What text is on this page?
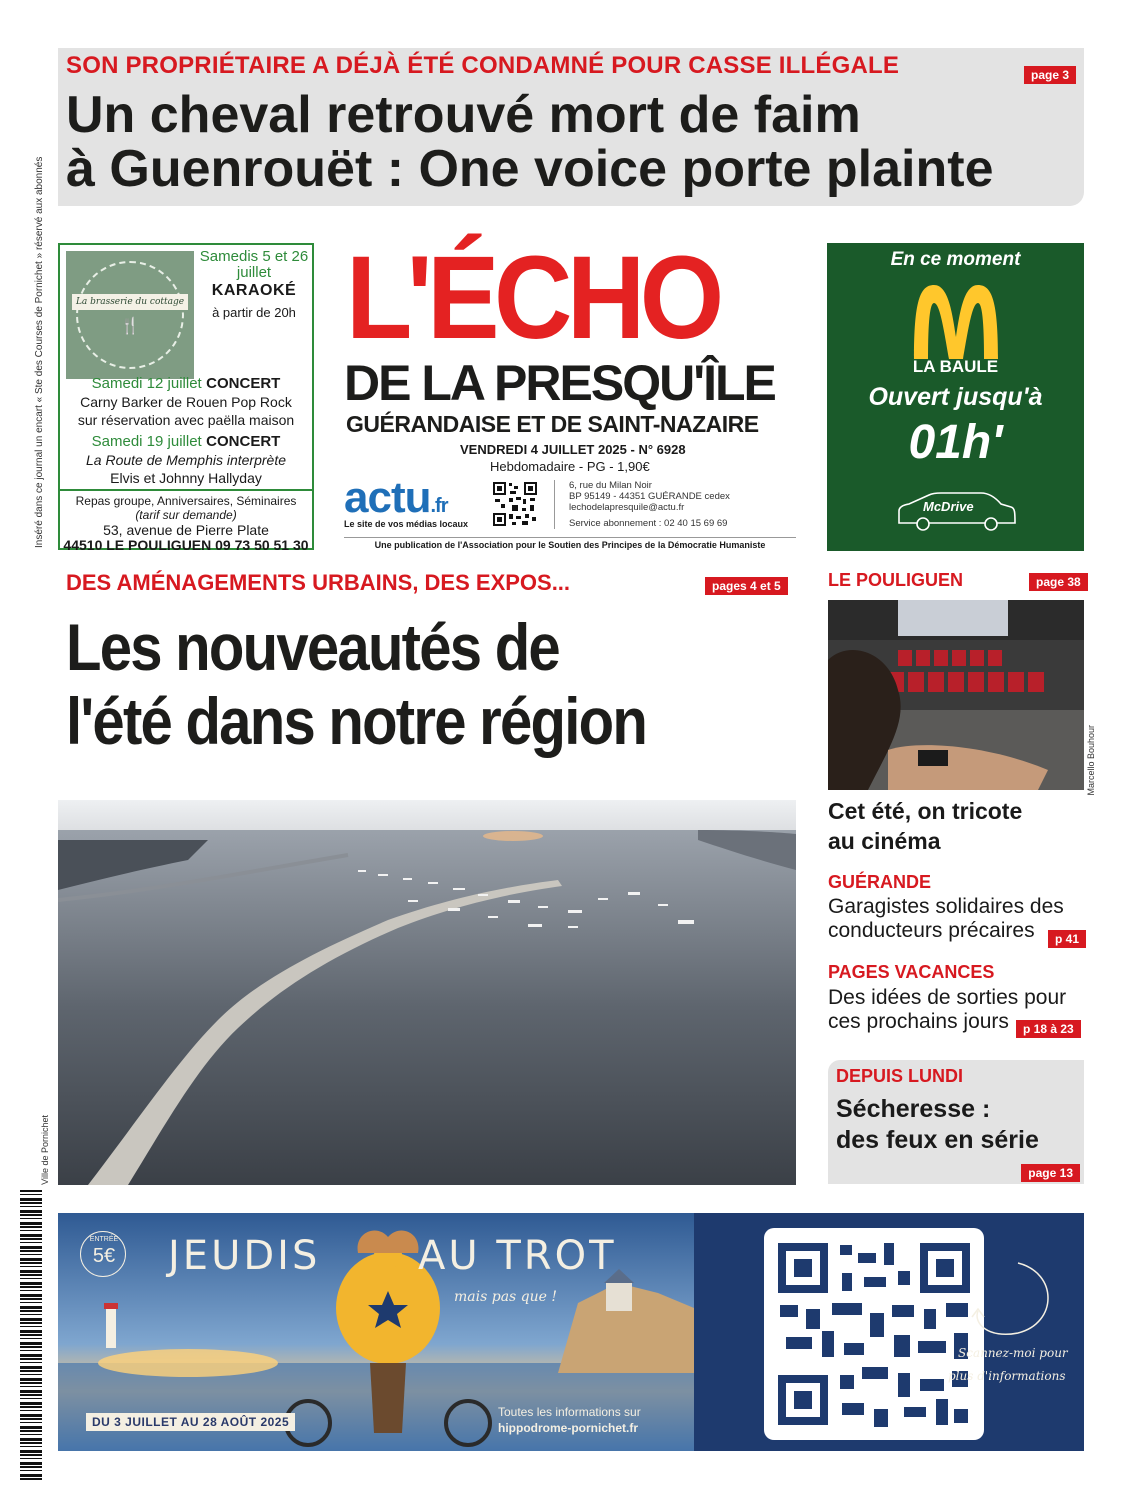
Inséré dans ce journal un encart « Ste des Courses de Pornichet » réservé aux abonnés
SON PROPRIÉTAIRE A DÉJÀ ÉTÉ CONDAMNÉ POUR CASSE ILLÉGALE	page 3
Un cheval retrouvé mort de faim
à Guenrouët : One voice porte plainte
La brasserie du cottage
🍴
Samedis 5 et 26 juillet
KARAOKÉ
à partir de 20h
Samedi 12 juillet CONCERT
Carny Barker de Rouen Pop Rock
sur réservation avec paëlla maison
Samedi 19 juillet CONCERT
La Route de Memphis interprète
Elvis et Johnny Hallyday
Repas groupe, Anniversaires, Séminaires
(tarif sur demande)
53, avenue de Pierre Plate
44510 LE POULIGUEN 09 73 50 51 30
L'ÉCHO
DE LA PRESQU'ÎLE
GUÉRANDAISE ET DE SAINT-NAZAIRE
VENDREDI 4 JUILLET 2025 - N° 6928
Hebdomadaire - PG - 1,90€
actu.fr
Le site de vos médias locaux
6, rue du Milan Noir
BP 95149 - 44351 GUÉRANDE cedex
lechodelapresquile@actu.fr
Service abonnement : 02 40 15 69 69
Une publication de l'Association pour le Soutien des Principes de la Démocratie Humaniste
En ce moment
LA BAULE
Ouvert jusqu'à
01h'
McDrive
DES AMÉNAGEMENTS URBAINS, DES EXPOS...	pages 4 et 5
Les nouveautés de
l'été dans notre région
Ville de Pornichet
LE POULIGUEN	page 38
Marcello Bouhour
Cet été, on tricote
au cinéma
GUÉRANDE
Garagistes solidaires des
conducteurs précaires	p 41
PAGES VACANCES
Des idées de sorties pour
ces prochains jours	p 18 à 23
DEPUIS LUNDI
Sécheresse :
des feux en série
page 13
ENTRÉE
5€ JEUDIS AU TROT
mais pas que !
DU 3 JUILLET AU 28 AOÛT 2025
Toutes les informations sur
hippodrome-pornichet.fr
Scannez-moi pour
plus d'informations
